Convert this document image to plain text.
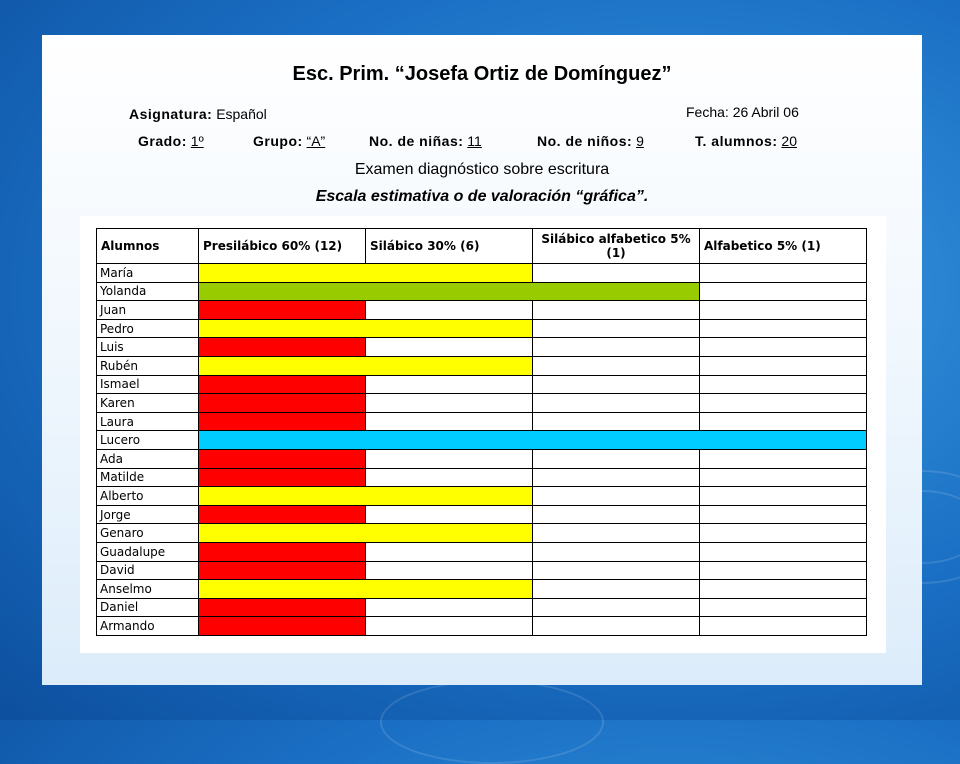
Esc. Prim. “Josefa Ortiz de Domínguez”
Asignatura: Español	Fecha: 26 Abril 06
Grado: 1º	Grupo: “A”	No. de niñas: 11	No. de niños: 9	T. alumnos: 20
Examen diagnóstico sobre escritura
Escala estimativa o de valoración “gráfica”.
Alumnos	Presilábico 60% (12)	Silábico 30% (6)	Silábico alfabetico 5% (1)	Alfabetico 5% (1)
María				
Yolanda				
Juan				
Pedro				
Luis				
Rubén				
Ismael				
Karen				
Laura				
Lucero				
Ada				
Matilde				
Alberto				
Jorge				
Genaro				
Guadalupe				
David				
Anselmo				
Daniel				
Armando				
